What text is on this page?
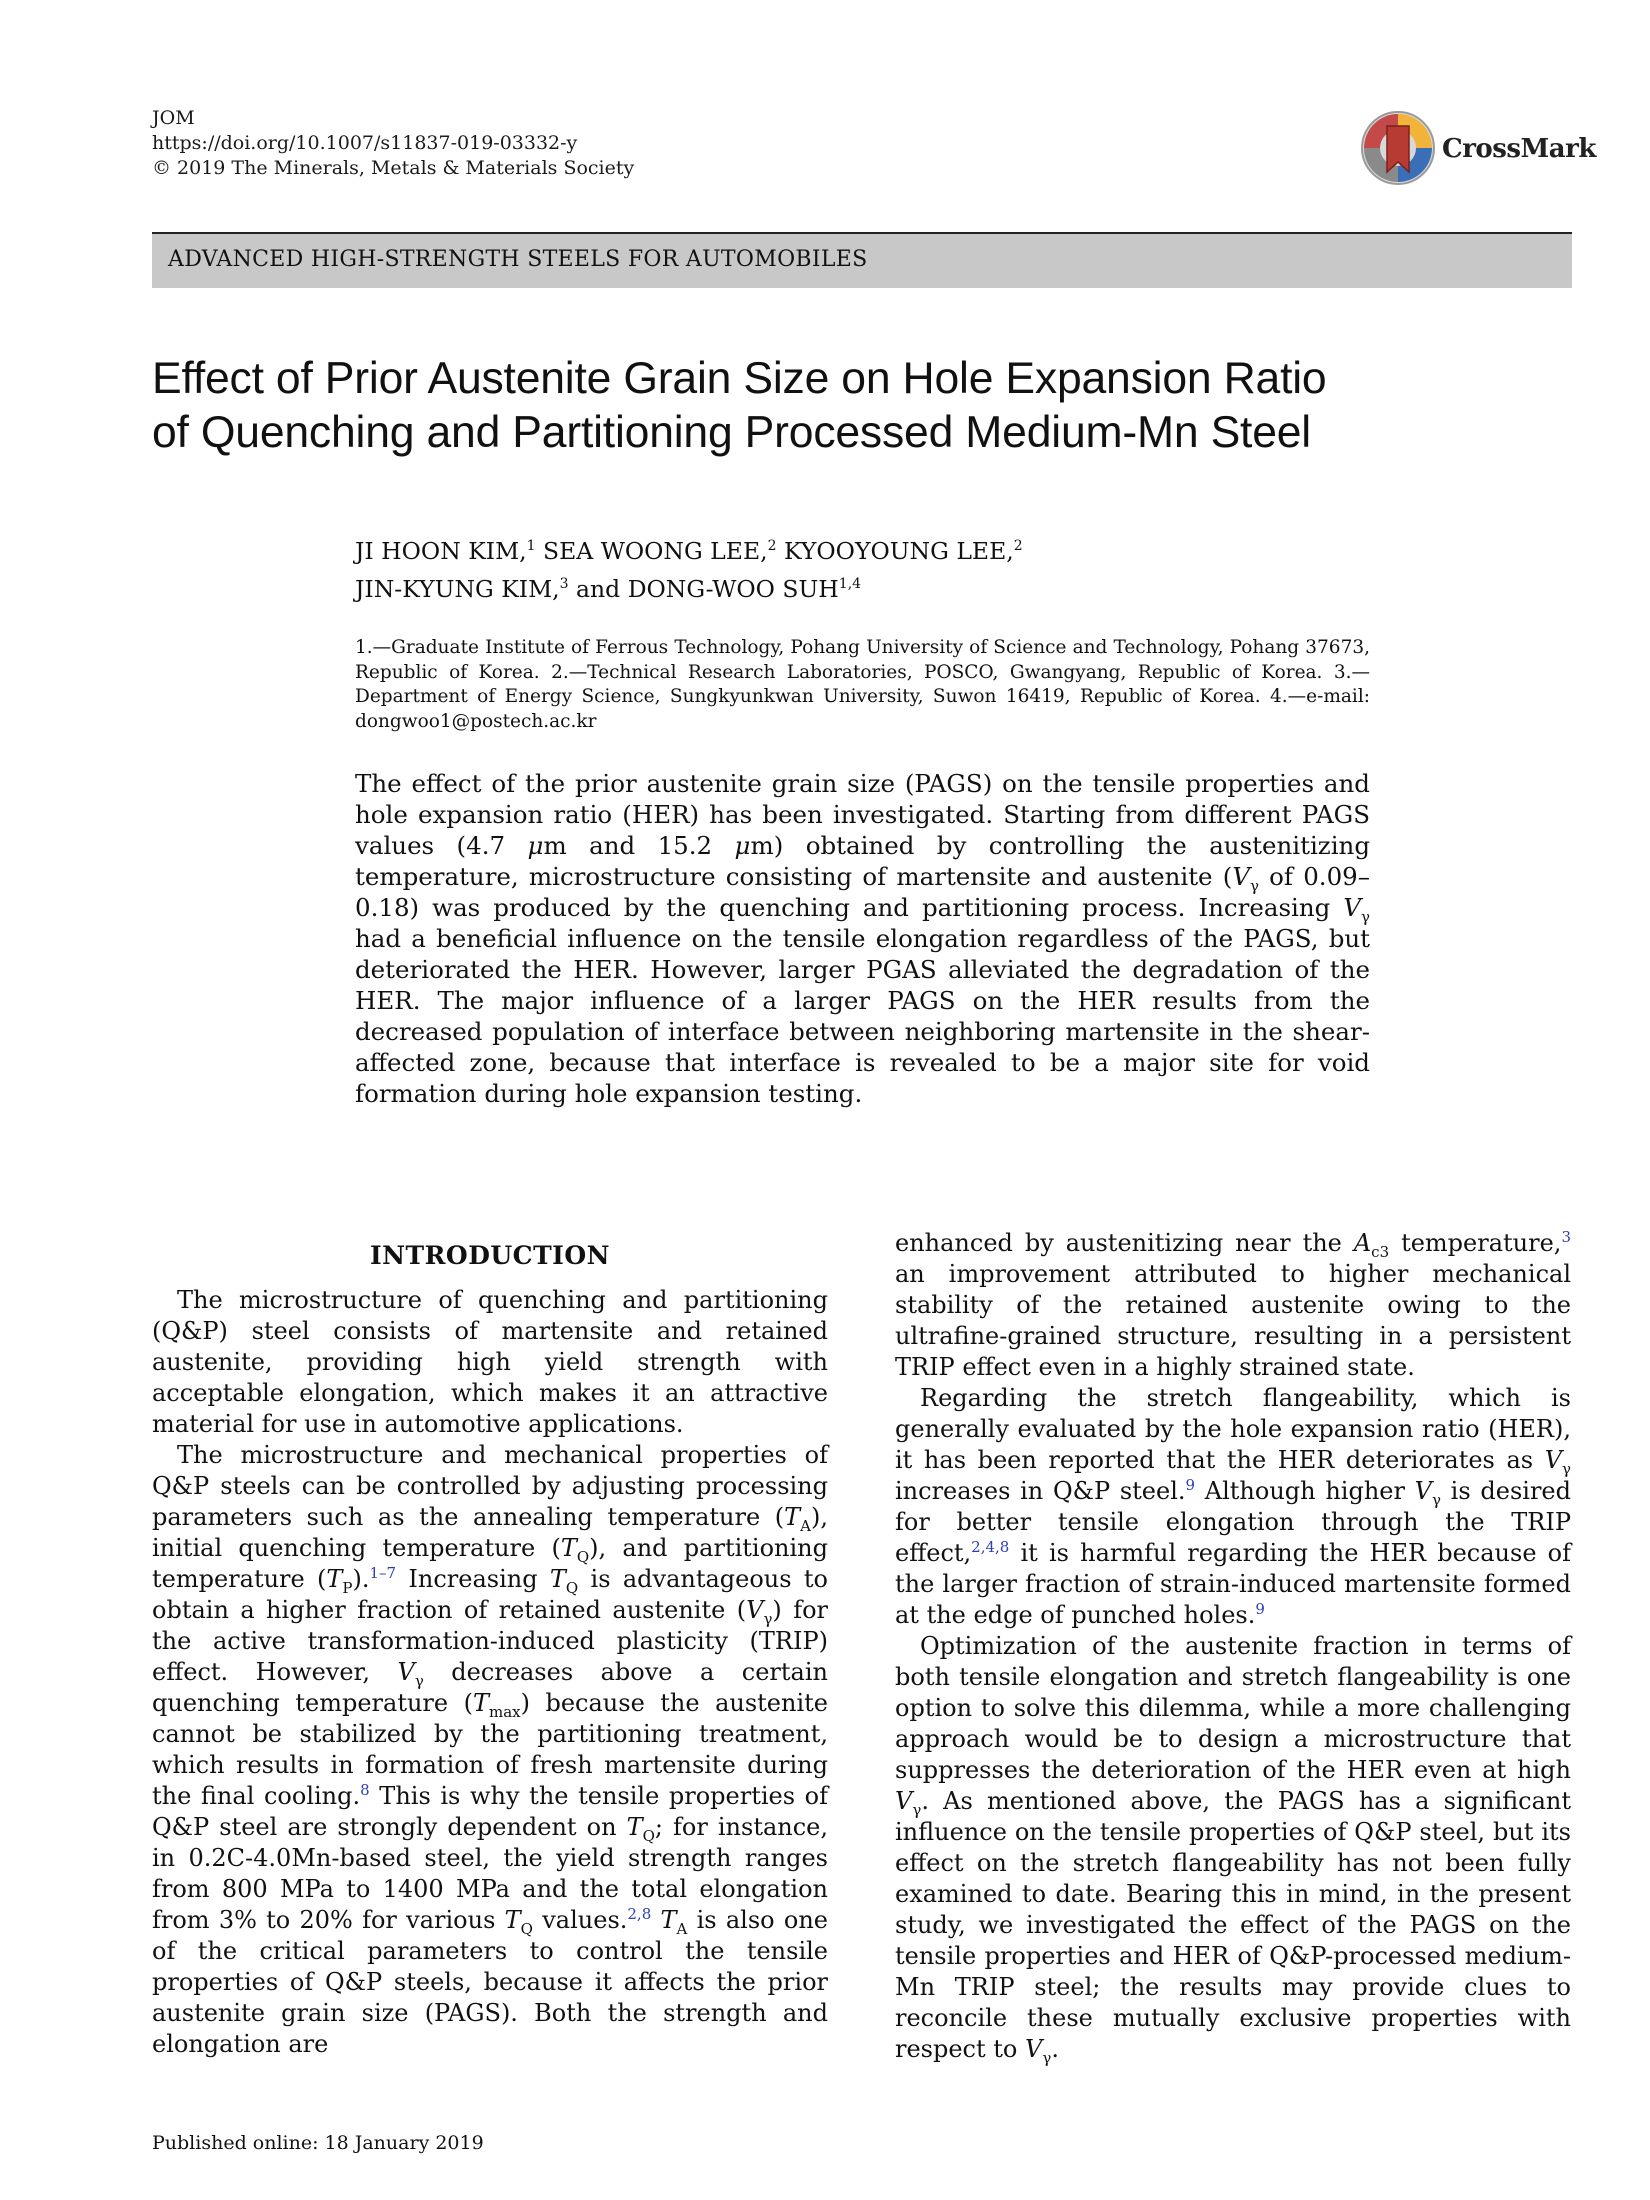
JOM
https://doi.org/10.1007/s11837-019-03332-y
© 2019 The Minerals, Metals & Materials Society
CrossMark
ADVANCED HIGH-STRENGTH STEELS FOR AUTOMOBILES
Effect of Prior Austenite Grain Size on Hole Expansion Ratio
of Quenching and Partitioning Processed Medium-Mn Steel
JI HOON KIM,$^1$ SEA WOONG LEE,$^2$ KYOOYOUNG LEE,$^2$
JIN-KYUNG KIM,$^3$ and DONG-WOO SUH$^{1,4}$
1.—Graduate Institute of Ferrous Technology, Pohang University of Science and Technology, Pohang 37673, Republic of Korea. 2.—Technical Research Laboratories, POSCO, Gwangyang, Republic of Korea. 3.—Department of Energy Science, Sungkyunkwan University, Suwon 16419, Republic of Korea. 4.—e-mail: dongwoo1@postech.ac.kr
The effect of the prior austenite grain size (PAGS) on the tensile properties and hole expansion ratio (HER) has been investigated. Starting from different PAGS values (4.7 μm and 15.2 μm) obtained by controlling the austenitizing temperature, microstructure consisting of martensite and austenite ($V_\gamma$ of 0.09–0.18) was produced by the quenching and partitioning process. Increasing $V_\gamma$ had a beneficial influence on the tensile elongation regardless of the PAGS, but deteriorated the HER. However, larger PGAS alleviated the degradation of the HER. The major influence of a larger PAGS on the HER results from the decreased population of interface between neighboring martensite in the shear-affected zone, because that interface is revealed to be a major site for void formation during hole expansion testing.
INTRODUCTION

The microstructure of quenching and partitioning (Q&P) steel consists of martensite and retained austenite, providing high yield strength with acceptable elongation, which makes it an attractive material for use in automotive applications.

The microstructure and mechanical properties of Q&P steels can be controlled by adjusting processing parameters such as the annealing temperature $(T_A)$, initial quenching temperature $(T_Q)$, and partitioning temperature $(T_P).^{1-7}$ Increasing $T_Q$ is advantageous to obtain a higher fraction of retained austenite $(V_\gamma)$ for the active transformation-induced plasticity (TRIP) effect. However, $V_\gamma$ decreases above a certain quenching temperature $(T_{max})$ because the austenite cannot be stabilized by the partitioning treatment, which results in formation of fresh martensite during the final cooling.$^8$ This is why the tensile properties of Q&P steel are strongly dependent on $T_Q$; for instance, in 0.2C-4.0Mn-based steel, the yield strength ranges from 800 MPa to 1400 MPa and the total elongation from 3% to 20% for various $T_Q$ values.$^{2,8}$ $T_A$ is also one of the critical parameters to control the tensile properties of Q&P steels, because it affects the prior austenite grain size (PAGS). Both the strength and elongation are

enhanced by austenitizing near the $A_{c3}$ temperature,$^3$ an improvement attributed to higher mechanical stability of the retained austenite owing to the ultrafine-grained structure, resulting in a persistent TRIP effect even in a highly strained state.

Regarding the stretch flangeability, which is generally evaluated by the hole expansion ratio (HER), it has been reported that the HER deteriorates as $V_\gamma$ increases in Q&P steel.$^9$ Although higher $V_\gamma$ is desired for better tensile elongation through the TRIP effect,$^{2,4,8}$ it is harmful regarding the HER because of the larger fraction of strain-induced martensite formed at the edge of punched holes.$^9$

Optimization of the austenite fraction in terms of both tensile elongation and stretch flangeability is one option to solve this dilemma, while a more challenging approach would be to design a microstructure that suppresses the deterioration of the HER even at high $V_\gamma$. As mentioned above, the PAGS has a significant influence on the tensile properties of Q&P steel, but its effect on the stretch flangeability has not been fully examined to date. Bearing this in mind, in the present study, we investigated the effect of the PAGS on the tensile properties and HER of Q&P-processed medium-Mn TRIP steel; the results may provide clues to reconcile these mutually exclusive properties with respect to $V_\gamma$.

Published online: 18 January 2019
